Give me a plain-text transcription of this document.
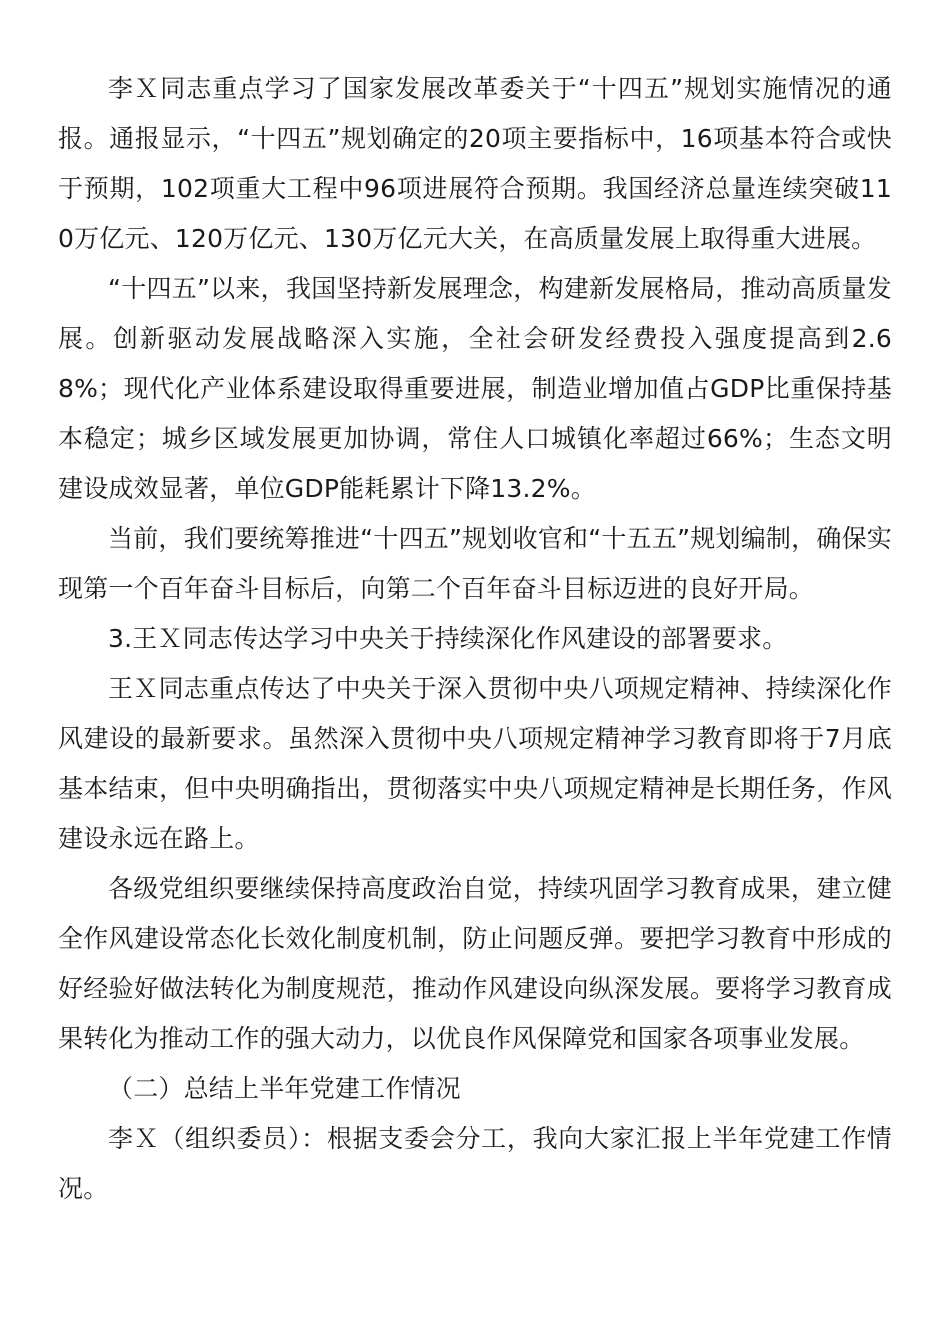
李Ｘ同志重点学习了国家发展改革委关于“十四五”规划实施情况的通报。通报显示，“十四五”规划确定的20项主要指标中，16项基本符合或快于预期，102项重大工程中96项进展符合预期。我国经济总量连续突破110万亿元、120万亿元、130万亿元大关，在高质量发展上取得重大进展。

“十四五”以来，我国坚持新发展理念，构建新发展格局，推动高质量发展。创新驱动发展战略深入实施，全社会研发经费投入强度提高到2.68%；现代化产业体系建设取得重要进展，制造业增加值占GDP比重保持基本稳定；城乡区域发展更加协调，常住人口城镇化率超过66%；生态文明建设成效显著，单位GDP能耗累计下降13.2%。

当前，我们要统筹推进“十四五”规划收官和“十五五”规划编制，确保实现第一个百年奋斗目标后，向第二个百年奋斗目标迈进的良好开局。

3.王Ｘ同志传达学习中央关于持续深化作风建设的部署要求。

王Ｘ同志重点传达了中央关于深入贯彻中央八项规定精神、持续深化作风建设的最新要求。虽然深入贯彻中央八项规定精神学习教育即将于7月底基本结束，但中央明确指出，贯彻落实中央八项规定精神是长期任务，作风建设永远在路上。

各级党组织要继续保持高度政治自觉，持续巩固学习教育成果，建立健全作风建设常态化长效化制度机制，防止问题反弹。要把学习教育中形成的好经验好做法转化为制度规范，推动作风建设向纵深发展。要将学习教育成果转化为推动工作的强大动力，以优良作风保障党和国家各项事业发展。

（二）总结上半年党建工作情况

李Ｘ（组织委员）：根据支委会分工，我向大家汇报上半年党建工作情况。
